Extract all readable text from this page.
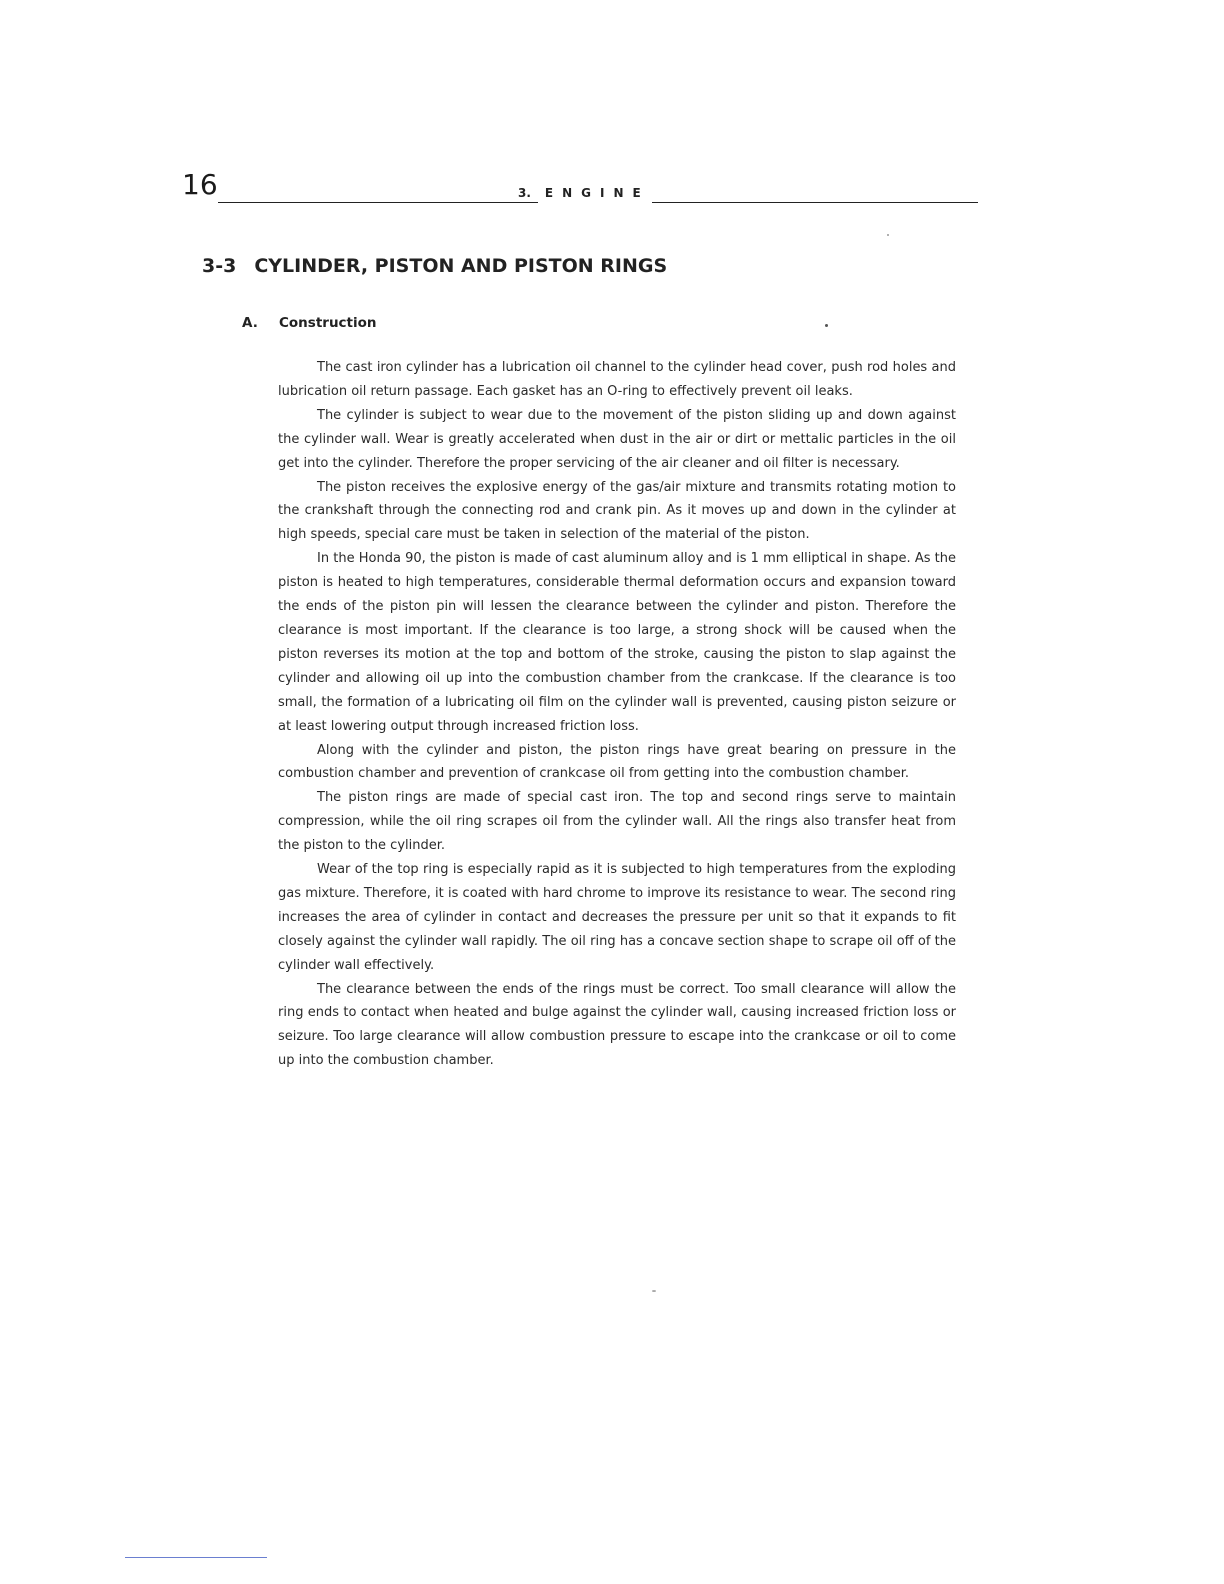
16	3. ENGINE
3-3 CYLINDER, PISTON AND PISTON RINGS
A. Construction

The cast iron cylinder has a lubrication oil channel to the cylinder head cover, push rod holes and lubrication oil return passage. Each gasket has an O-ring to effectively prevent oil leaks.

The cylinder is subject to wear due to the movement of the piston sliding up and down against the cylinder wall. Wear is greatly accelerated when dust in the air or dirt or mettalic particles in the oil get into the cylinder. Therefore the proper servicing of the air cleaner and oil filter is necessary.

The piston receives the explosive energy of the gas/air mixture and transmits rotating motion to the crankshaft through the connecting rod and crank pin. As it moves up and down in the cylinder at high speeds, special care must be taken in selection of the material of the piston.

In the Honda 90, the piston is made of cast aluminum alloy and is 1 mm elliptical in shape. As the piston is heated to high temperatures, considerable thermal deformation occurs and expansion toward the ends of the piston pin will lessen the clearance between the cylinder and piston. Therefore the clearance is most important. If the clearance is too large, a strong shock will be caused when the piston reverses its motion at the top and bottom of the stroke, causing the piston to slap against the cylinder and allowing oil up into the combustion chamber from the crankcase. If the clearance is too small, the formation of a lubricating oil film on the cylinder wall is prevented, causing piston seizure or at least lowering output through increased friction loss.

Along with the cylinder and piston, the piston rings have great bearing on pressure in the combustion chamber and prevention of crankcase oil from getting into the combustion chamber.

The piston rings are made of special cast iron. The top and second rings serve to maintain compression, while the oil ring scrapes oil from the cylinder wall. All the rings also transfer heat from the piston to the cylinder.

Wear of the top ring is especially rapid as it is subjected to high temperatures from the exploding gas mixture. Therefore, it is coated with hard chrome to improve its resistance to wear. The second ring increases the area of cylinder in contact and decreases the pressure per unit so that it expands to fit closely against the cylinder wall rapidly. The oil ring has a concave section shape to scrape oil off of the cylinder wall effectively.

The clearance between the ends of the rings must be correct. Too small clearance will allow the ring ends to contact when heated and bulge against the cylinder wall, causing increased friction loss or seizure. Too large clearance will allow combustion pressure to escape into the crankcase or oil to come up into the combustion chamber.
